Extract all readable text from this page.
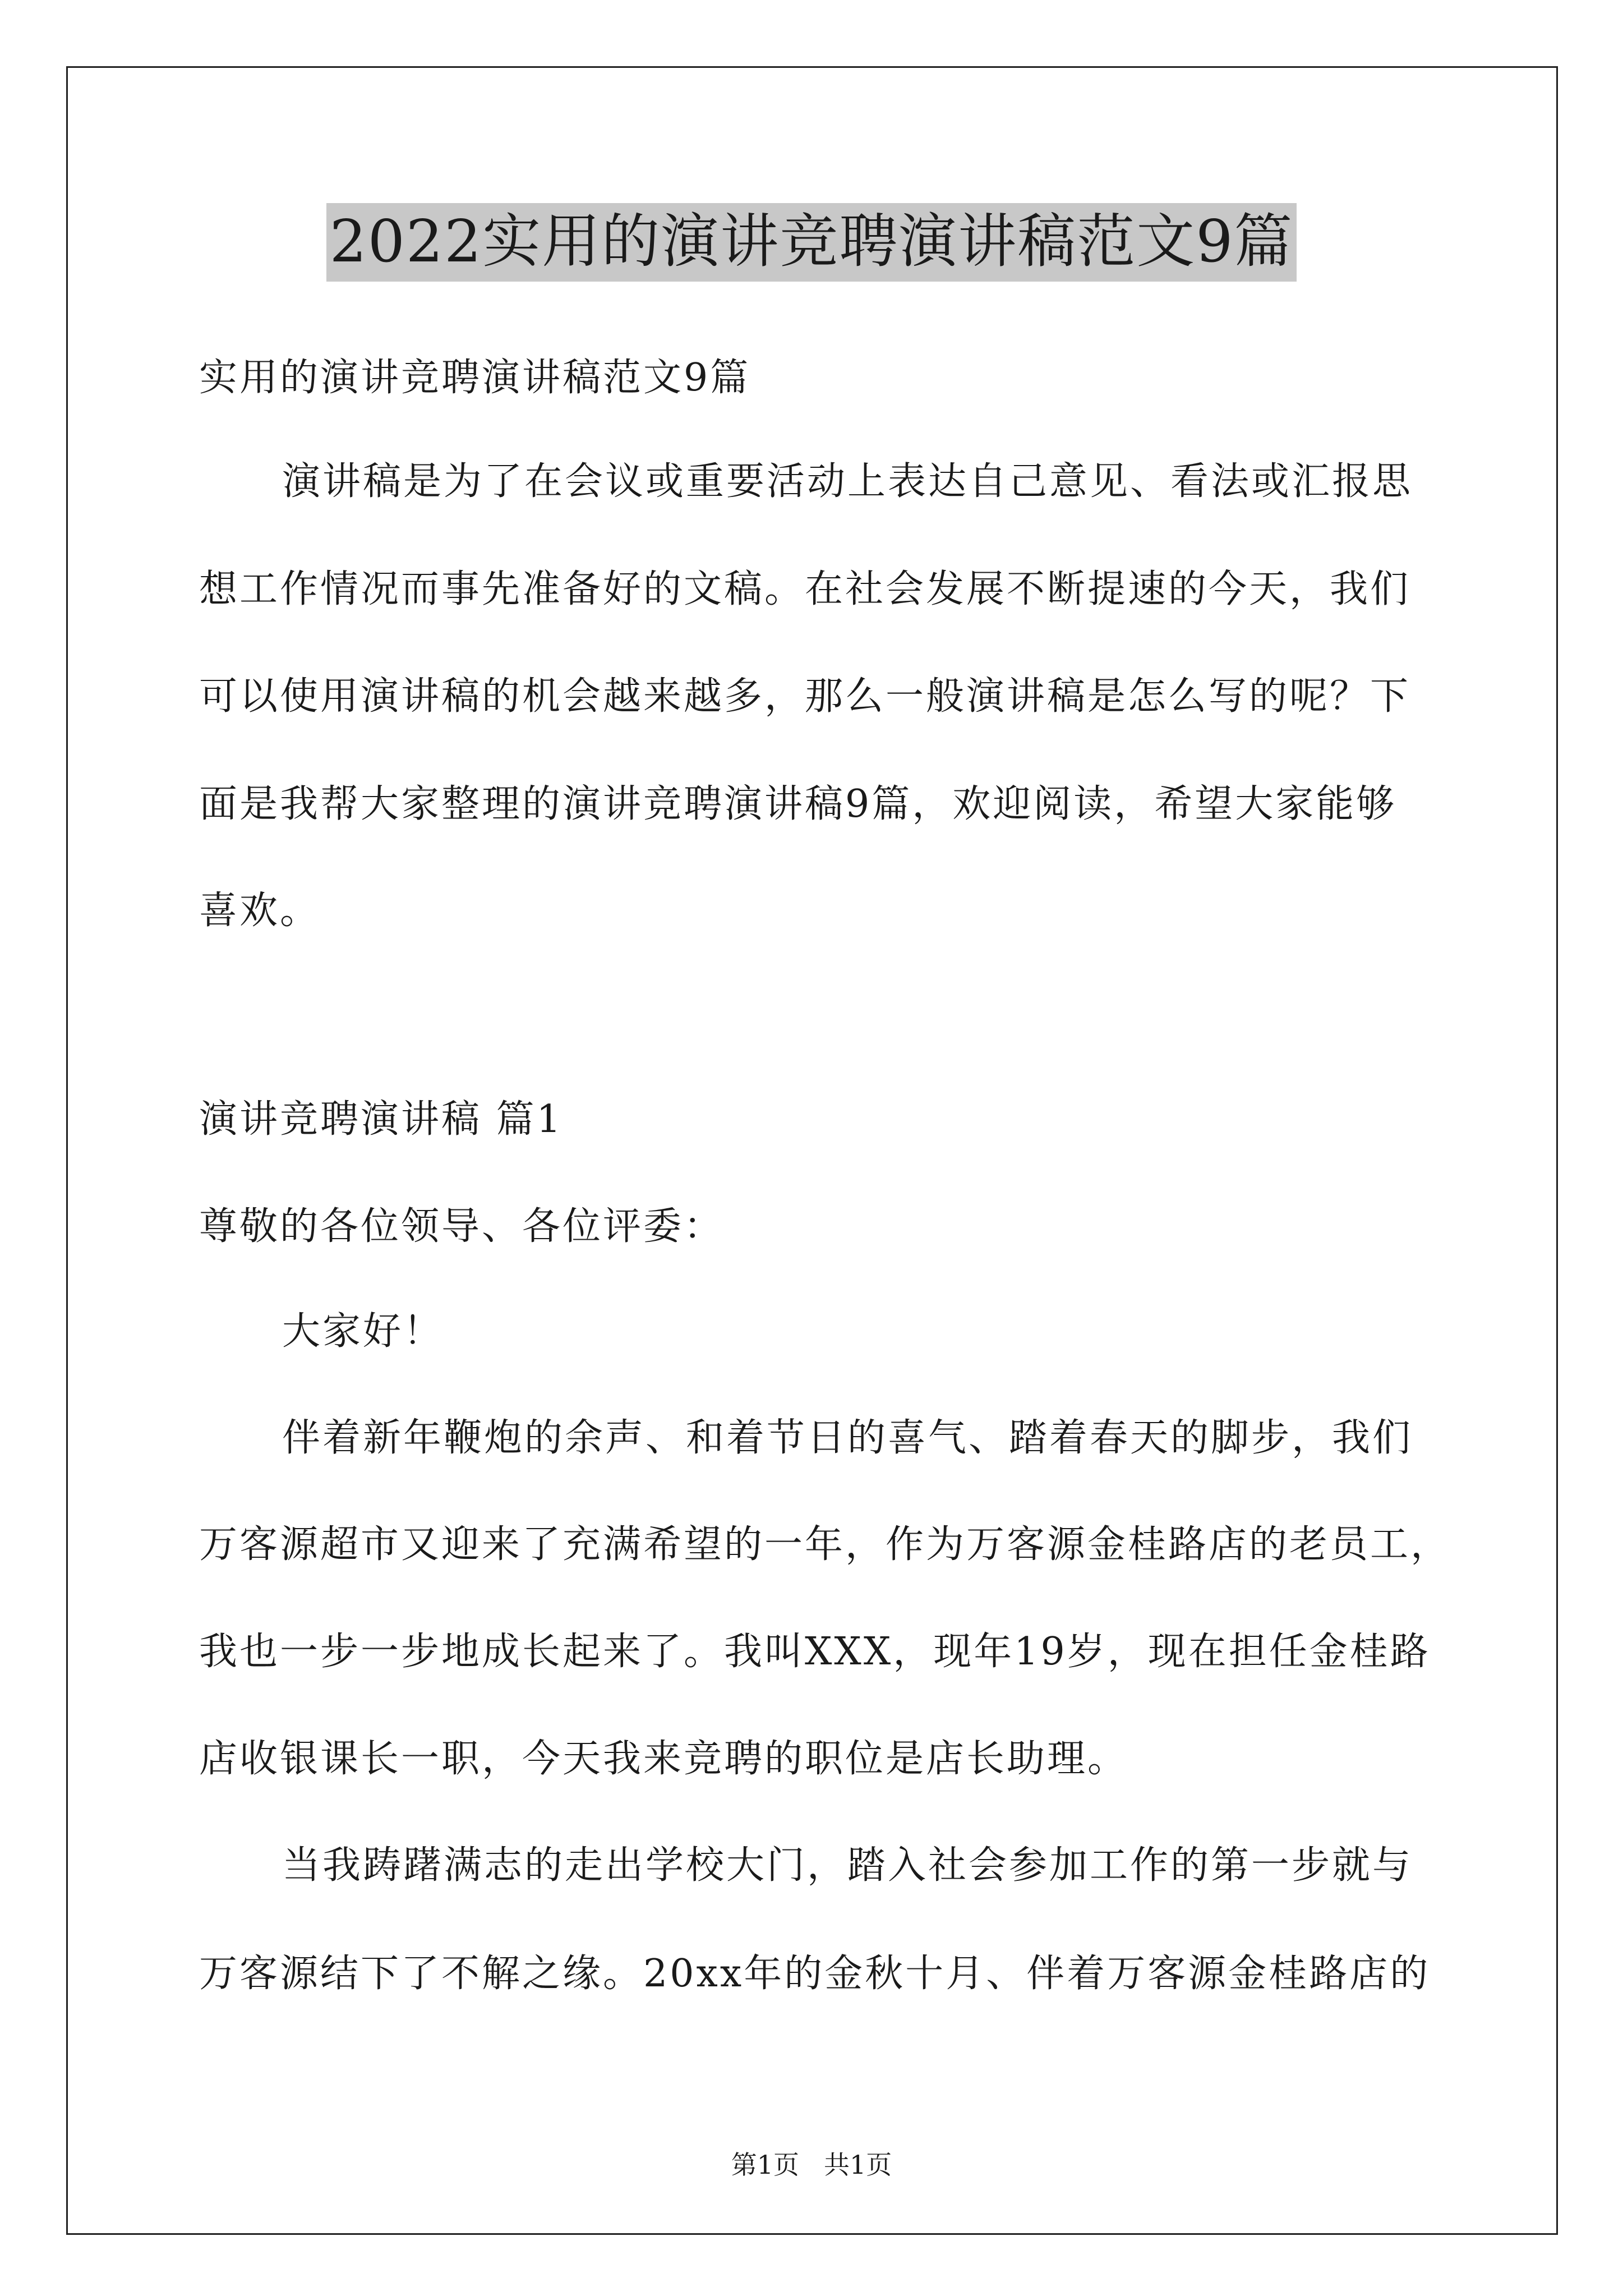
2022实用的演讲竞聘演讲稿范文9篇

实用的演讲竞聘演讲稿范文9篇

演讲稿是为了在会议或重要活动上表达自己意见、看法或汇报思

想工作情况而事先准备好的文稿。在社会发展不断提速的今天，我们

可以使用演讲稿的机会越来越多，那么一般演讲稿是怎么写的呢？下

面是我帮大家整理的演讲竞聘演讲稿9篇，欢迎阅读，希望大家能够

喜欢。

演讲竞聘演讲稿 篇1

尊敬的各位领导、各位评委：

大家好！

伴着新年鞭炮的余声、和着节日的喜气、踏着春天的脚步，我们

万客源超市又迎来了充满希望的一年，作为万客源金桂路店的老员工，

我也一步一步地成长起来了。我叫XXX，现年19岁，现在担任金桂路

店收银课长一职，今天我来竞聘的职位是店长助理。

当我踌躇满志的走出学校大门，踏入社会参加工作的第一步就与

万客源结下了不解之缘。20xx年的金秋十月、伴着万客源金桂路店的

第1页 共1页
